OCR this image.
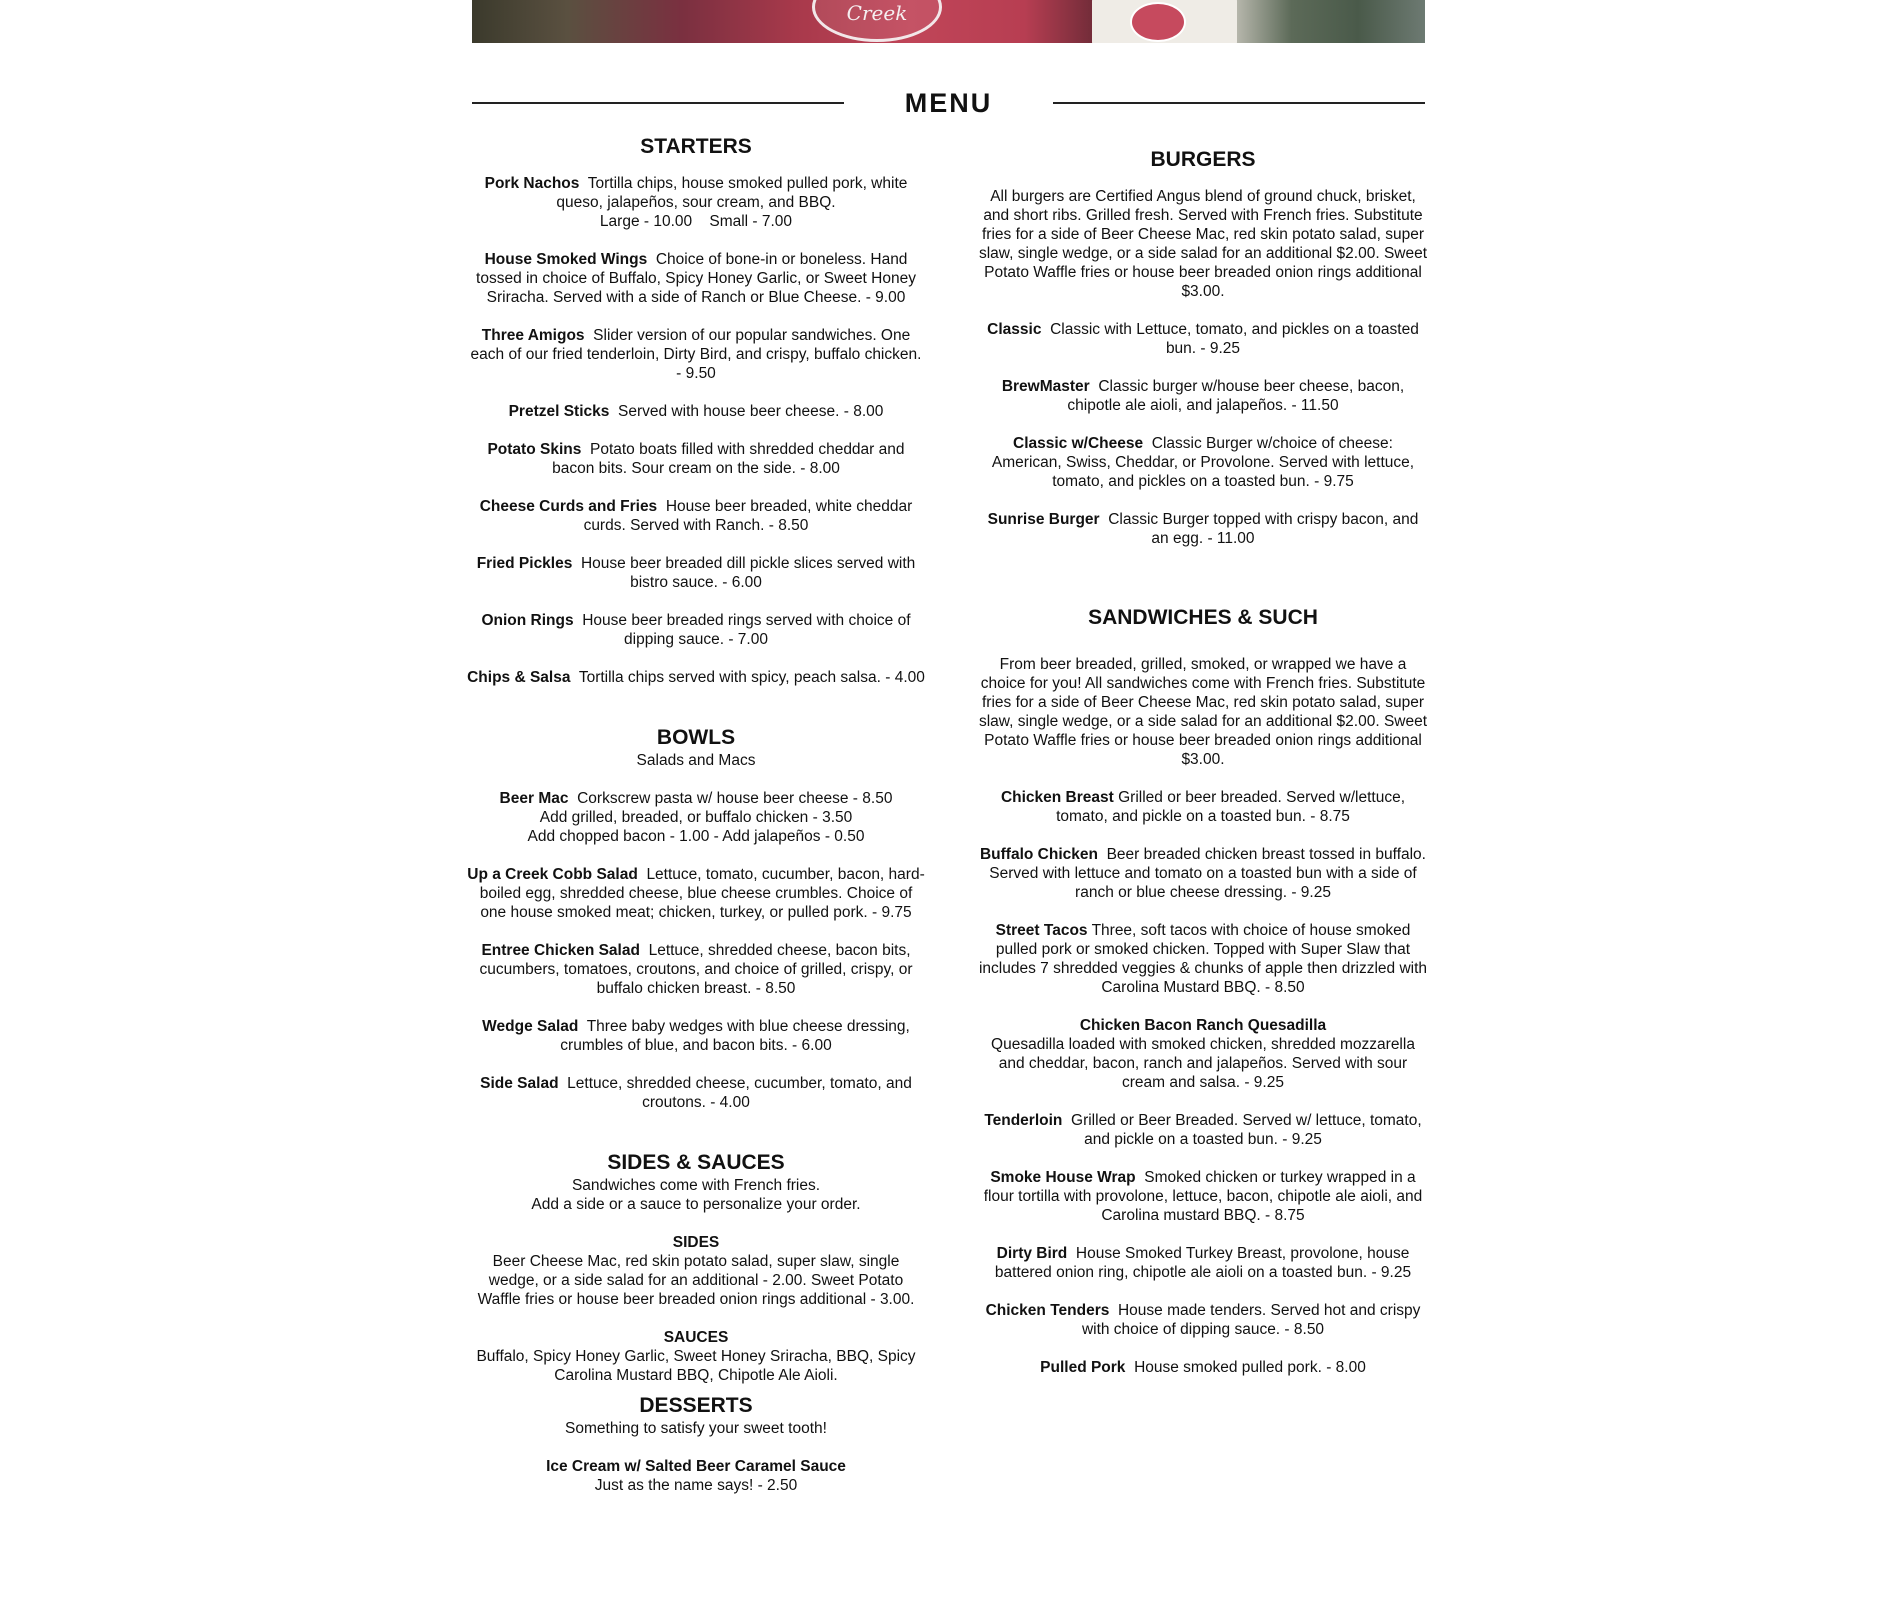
Creek
MENU
STARTERS
Pork Nachos Tortilla chips, house smoked pulled pork, white queso, jalapeños, sour cream, and BBQ.
Large - 10.00    Small - 7.00
House Smoked Wings Choice of bone-in or boneless. Hand tossed in choice of Buffalo, Spicy Honey Garlic, or Sweet Honey Sriracha. Served with a side of Ranch or Blue Cheese. - 9.00
Three Amigos Slider version of our popular sandwiches. One each of our fried tenderloin, Dirty Bird, and crispy, buffalo chicken. - 9.50
Pretzel Sticks Served with house beer cheese. - 8.00
Potato Skins Potato boats filled with shredded cheddar and bacon bits. Sour cream on the side. - 8.00
Cheese Curds and Fries House beer breaded, white cheddar curds. Served with Ranch. - 8.50
Fried Pickles House beer breaded dill pickle slices served with bistro sauce. - 6.00
Onion Rings House beer breaded rings served with choice of dipping sauce. - 7.00
Chips & Salsa Tortilla chips served with spicy, peach salsa. - 4.00
BOWLS
Salads and Macs
Beer Mac Corkscrew pasta w/ house beer cheese - 8.50
Add grilled, breaded, or buffalo chicken - 3.50
Add chopped bacon - 1.00 - Add jalapeños - 0.50
Up a Creek Cobb Salad Lettuce, tomato, cucumber, bacon, hard-boiled egg, shredded cheese, blue cheese crumbles. Choice of one house smoked meat; chicken, turkey, or pulled pork. - 9.75
Entree Chicken Salad Lettuce, shredded cheese, bacon bits, cucumbers, tomatoes, croutons, and choice of grilled, crispy, or buffalo chicken breast. - 8.50
Wedge Salad Three baby wedges with blue cheese dressing, crumbles of blue, and bacon bits. - 6.00
Side Salad Lettuce, shredded cheese, cucumber, tomato, and croutons. - 4.00
SIDES & SAUCES
Sandwiches come with French fries.
Add a side or a sauce to personalize your order.
SIDES
Beer Cheese Mac, red skin potato salad, super slaw, single wedge, or a side salad for an additional - 2.00. Sweet Potato Waffle fries or house beer breaded onion rings additional - 3.00.
SAUCES
Buffalo, Spicy Honey Garlic, Sweet Honey Sriracha, BBQ, Spicy Carolina Mustard BBQ, Chipotle Ale Aioli.
DESSERTS
Something to satisfy your sweet tooth!
Ice Cream w/ Salted Beer Caramel Sauce
Just as the name says! - 2.50
BURGERS
All burgers are Certified Angus blend of ground chuck, brisket, and short ribs. Grilled fresh. Served with French fries. Substitute fries for a side of Beer Cheese Mac, red skin potato salad, super slaw, single wedge, or a side salad for an additional $2.00. Sweet Potato Waffle fries or house beer breaded onion rings additional $3.00.
Classic Classic with Lettuce, tomato, and pickles on a toasted bun. - 9.25
BrewMaster Classic burger w/house beer cheese, bacon, chipotle ale aioli, and jalapeños. - 11.50
Classic w/Cheese Classic Burger w/choice of cheese: American, Swiss, Cheddar, or Provolone. Served with lettuce, tomato, and pickles on a toasted bun. - 9.75
Sunrise Burger Classic Burger topped with crispy bacon, and an egg. - 11.00
SANDWICHES & SUCH
From beer breaded, grilled, smoked, or wrapped we have a choice for you! All sandwiches come with French fries. Substitute fries for a side of Beer Cheese Mac, red skin potato salad, super slaw, single wedge, or a side salad for an additional $2.00. Sweet Potato Waffle fries or house beer breaded onion rings additional $3.00.
Chicken Breast Grilled or beer breaded. Served w/lettuce, tomato, and pickle on a toasted bun. - 8.75
Buffalo Chicken Beer breaded chicken breast tossed in buffalo. Served with lettuce and tomato on a toasted bun with a side of ranch or blue cheese dressing. - 9.25
Street Tacos Three, soft tacos with choice of house smoked pulled pork or smoked chicken. Topped with Super Slaw that includes 7 shredded veggies & chunks of apple then drizzled with Carolina Mustard BBQ. - 8.50
Chicken Bacon Ranch Quesadilla
Quesadilla loaded with smoked chicken, shredded mozzarella and cheddar, bacon, ranch and jalapeños. Served with sour cream and salsa. - 9.25
Tenderloin Grilled or Beer Breaded. Served w/ lettuce, tomato, and pickle on a toasted bun. - 9.25
Smoke House Wrap Smoked chicken or turkey wrapped in a flour tortilla with provolone, lettuce, bacon, chipotle ale aioli, and Carolina mustard BBQ. - 8.75
Dirty Bird House Smoked Turkey Breast, provolone, house battered onion ring, chipotle ale aioli on a toasted bun. - 9.25
Chicken Tenders House made tenders. Served hot and crispy with choice of dipping sauce. - 8.50
Pulled Pork House smoked pulled pork. - 8.00
